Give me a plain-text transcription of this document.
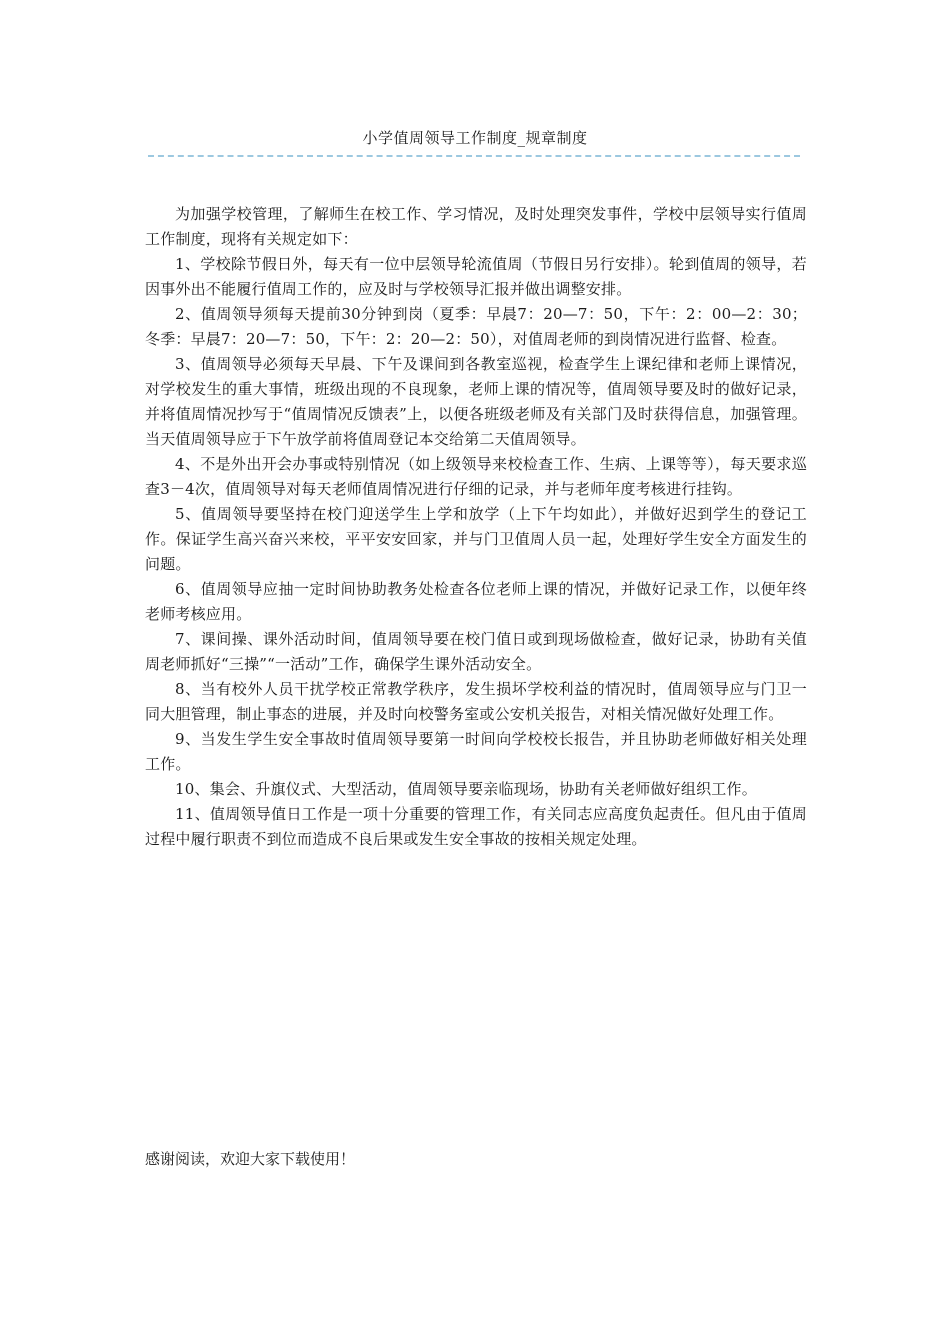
小学值周领导工作制度_规章制度

为加强学校管理，了解师生在校工作、学习情况，及时处理突发事件，学校中层领导实行值周工作制度，现将有关规定如下：

1、学校除节假日外，每天有一位中层领导轮流值周（节假日另行安排）。轮到值周的领导，若因事外出不能履行值周工作的，应及时与学校领导汇报并做出调整安排。

2、值周领导须每天提前30分钟到岗（夏季：早晨7：20—7：50，下午：2：00—2：30；冬季：早晨7：20—7：50，下午：2：20—2：50），对值周老师的到岗情况进行监督、检查。

3、值周领导必须每天早晨、下午及课间到各教室巡视，检查学生上课纪律和老师上课情况，对学校发生的重大事情，班级出现的不良现象，老师上课的情况等，值周领导要及时的做好记录，并将值周情况抄写于“值周情况反馈表”上，以便各班级老师及有关部门及时获得信息，加强管理。当天值周领导应于下午放学前将值周登记本交给第二天值周领导。

4、不是外出开会办事或特别情况（如上级领导来校检查工作、生病、上课等等），每天要求巡查3－4次，值周领导对每天老师值周情况进行仔细的记录，并与老师年度考核进行挂钩。

5、值周领导要坚持在校门迎送学生上学和放学（上下午均如此），并做好迟到学生的登记工作。保证学生高兴奋兴来校，平平安安回家，并与门卫值周人员一起，处理好学生安全方面发生的问题。

6、值周领导应抽一定时间协助教务处检查各位老师上课的情况，并做好记录工作，以便年终老师考核应用。

7、课间操、课外活动时间，值周领导要在校门值日或到现场做检查，做好记录，协助有关值周老师抓好“三操”“一活动”工作，确保学生课外活动安全。

8、当有校外人员干扰学校正常教学秩序，发生损坏学校利益的情况时，值周领导应与门卫一同大胆管理，制止事态的进展，并及时向校警务室或公安机关报告，对相关情况做好处理工作。

9、当发生学生安全事故时值周领导要第一时间向学校校长报告，并且协助老师做好相关处理工作。

10、集会、升旗仪式、大型活动，值周领导要亲临现场，协助有关老师做好组织工作。

11、值周领导值日工作是一项十分重要的管理工作，有关同志应高度负起责任。但凡由于值周过程中履行职责不到位而造成不良后果或发生安全事故的按相关规定处理。

感谢阅读，欢迎大家下载使用！
